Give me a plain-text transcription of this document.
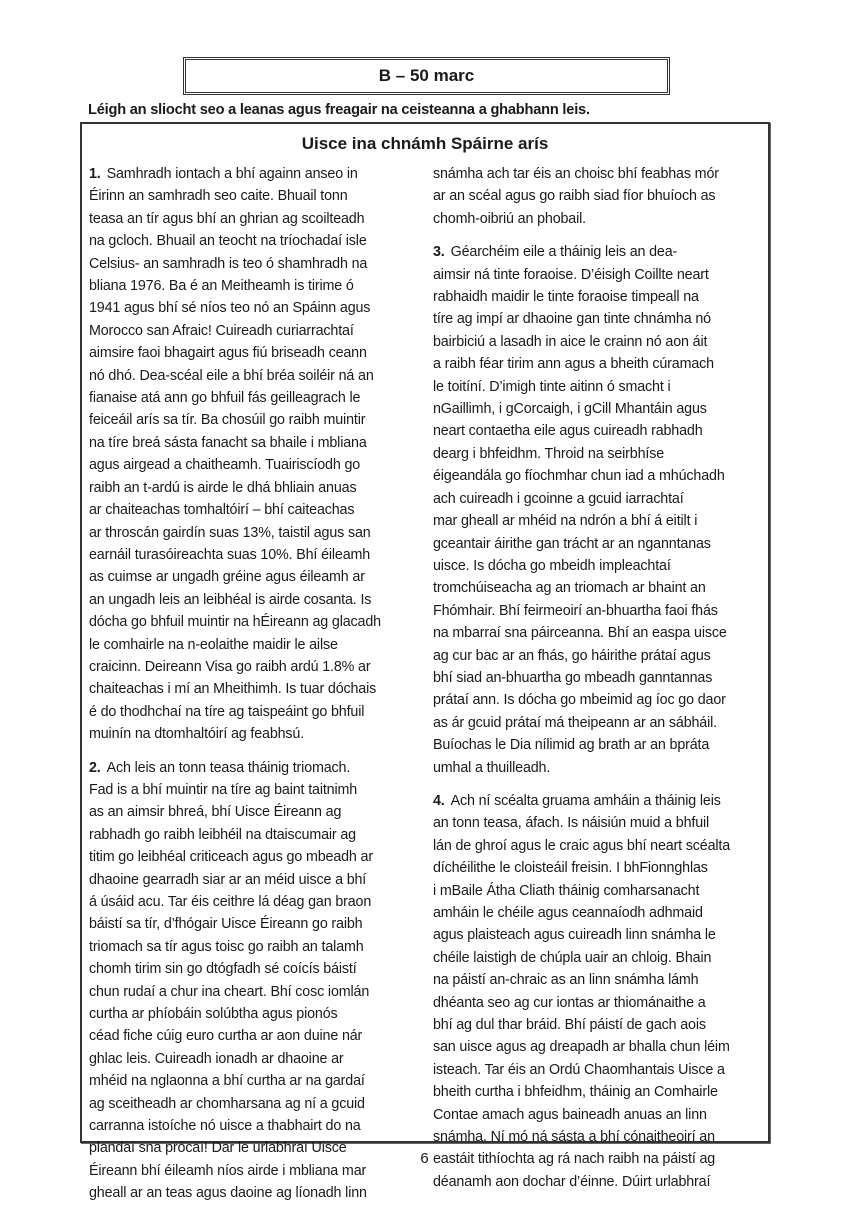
B – 50 marc
Léigh an sliocht seo a leanas agus freagair na ceisteanna a ghabhann leis.
Uisce ina chnámh Spáirne arís
1. Samhradh iontach a bhí againn anseo in
Éirinn an samhradh seo caite. Bhuail tonn
teasa an tír agus bhí an ghrian ag scoilteadh
na gcloch. Bhuail an teocht na tríochadaí isle
Celsius- an samhradh is teo ó shamhradh na
bliana 1976. Ba é an Meitheamh is tirime ó
1941 agus bhí sé níos teo nó an Spáinn agus
Morocco san Afraic! Cuireadh curiarrachtaí
aimsire faoi bhagairt agus fiú briseadh ceann
nó dhó. Dea-scéal eile a bhí bréa soiléir ná an
fianaise atá ann go bhfuil fás geilleagrach le
feiceáil arís sa tír. Ba chosúil go raibh muintir
na tíre breá sásta fanacht sa bhaile i mbliana
agus airgead a chaitheamh. Tuairiscíodh go
raibh an t-ardú is airde le dhá bhliain anuas
ar chaiteachas tomhaltóirí – bhí caiteachas
ar throscán gairdín suas 13%, taistil agus san
earnáil turasóireachta suas 10%. Bhí éileamh
as cuimse ar ungadh gréine agus éileamh ar
an ungadh leis an leibhéal is airde cosanta. Is
dócha go bhfuil muintir na hÉireann ag glacadh
le comhairle na n-eolaithe maidir le ailse
craicinn. Deireann Visa go raibh ardú 1.8% ar
chaiteachas i mí an Mheithimh. Is tuar dóchais
é do thodhchaí na tíre ag taispeáint go bhfuil
muinín na dtomhaltóirí ag feabhsú.
2. Ach leis an tonn teasa tháinig triomach.
Fad is a bhí muintir na tíre ag baint taitnimh
as an aimsir bhreá, bhí Uisce Éireann ag
rabhadh go raibh leibhéil na dtaiscumair ag
titim go leibhéal criticeach agus go mbeadh ar
dhaoine gearradh siar ar an méid uisce a bhí
á úsáid acu. Tar éis ceithre lá déag gan braon
báistí sa tír, d’fhógair Uisce Éireann go raibh
triomach sa tír agus toisc go raibh an talamh
chomh tirim sin go dtógfadh sé coícís báistí
chun rudaí a chur ina cheart. Bhí cosc iomlán
curtha ar phíobáin solúbtha agus pionós
céad fiche cúig euro curtha ar aon duine nár
ghlac leis. Cuireadh ionadh ar dhaoine ar
mhéid na nglaonna a bhí curtha ar na gardaí
ag sceitheadh ar chomharsana ag ní a gcuid
carranna istoíche nó uisce a thabhairt do na
plandaí sna prócaí! Dar le urlabhraí Uisce
Éireann bhí éileamh níos airde i mbliana mar
gheall ar an teas agus daoine ag líonadh linn
snámha ach tar éis an choisc bhí feabhas mór
ar an scéal agus go raibh siad fíor bhuíoch as
chomh-oibriú an phobail.
3. Géarchéim eile a tháinig leis an dea-
aimsir ná tinte foraoise. D’éisigh Coillte neart
rabhaidh maidir le tinte foraoise timpeall na
tíre ag impí ar dhaoine gan tinte chnámha nó
bairbiciú a lasadh in aice le crainn nó aon áit
a raibh féar tirim ann agus a bheith cúramach
le toitíní. D’imigh tinte aitinn ó smacht i
nGaillimh, i gCorcaigh, i gCill Mhantáin agus
neart contaetha eile agus cuireadh rabhadh
dearg i bhfeidhm. Throid na seirbhíse
éigeandála go fíochmhar chun iad a mhúchadh
ach cuireadh i gcoinne a gcuid iarrachtaí
mar gheall ar mhéid na ndrón a bhí á eitilt i
gceantair áirithe gan trácht ar an nganntanas
uisce. Is dócha go mbeidh impleachtaí
tromchúiseacha ag an triomach ar bhaint an
Fhómhair. Bhí feirmeoirí an-bhuartha faoi fhás
na mbarraí sna páirceanna. Bhí an easpa uisce
ag cur bac ar an fhás, go háirithe prátaí agus
bhí siad an-bhuartha go mbeadh ganntannas
prátaí ann. Is dócha go mbeimid ag íoc go daor
as ár gcuid prátaí má theipeann ar an sábháil.
Buíochas le Dia nílimid ag brath ar an bprátа
umhal a thuilleadh.
4. Ach ní scéalta gruama amháin a tháinig leis
an tonn teasa, áfach. Is náisiún muid a bhfuil
lán de ghroí agus le craic agus bhí neart scéalta
díchéilithe le cloisteáil freisin. I bhFionnghlas
i mBaile Átha Cliath tháinig comharsanacht
amháin le chéile agus ceannaíodh adhmaid
agus plaisteach agus cuireadh linn snámha le
chéile laistigh de chúpla uair an chloig. Bhain
na páistí an-chraic as an linn snámha lámh
dhéanta seo ag cur iontas ar thiománaithe a
bhí ag dul thar bráid. Bhí páistí de gach aois
san uisce agus ag dreapadh ar bhalla chun léim
isteach. Tar éis an Ordú Chaomhantais Uisce a
bheith curtha i bhfeidhm, tháinig an Comhairle
Contae amach agus baineadh anuas an linn
snámha. Ní mó ná sásta a bhí cónaitheoirí an
eastáit tithíochta ag rá nach raibh na páistí ag
déanamh aon dochar d’éinne. Dúirt urlabhraí
6
